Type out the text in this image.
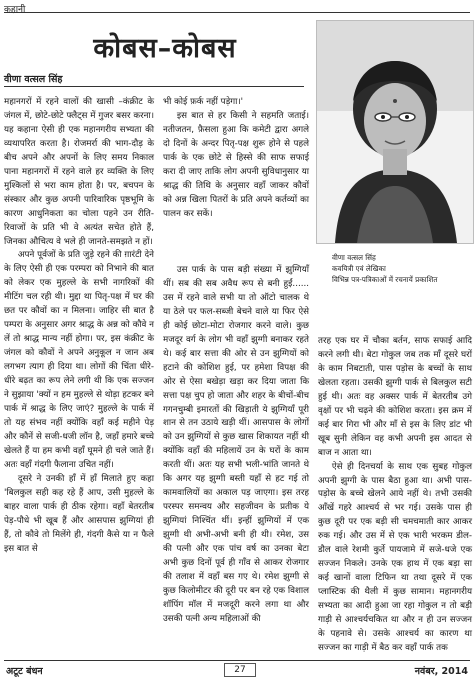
कहानी
कोबस–कोबस
वीणा वत्सल सिंह
वीणा वत्सल सिंह
कवयित्री एवं लेखिका
विभिन्न पत्र-पत्रिकाओं में रचनायें प्रकाशित

महानगरों में रहने वालों की खासी –कंक्रीट के जंगल में, छोटे-छोटे फ्लैट्स में गुजर बसर करना। यह कहाना ऐसी ही एक महानगरीय सभ्यता की व्यथापरित करता है। रोजमर्रा की भाग-दौड़ के बीच अपने और अपनों के लिए समय निकाल पाना महानगरों में रहने वाले हर व्यक्ति के लिए मुश्किलों से भरा काम होता है। पर, बचपन के संस्कार और कुछ अपनी पारिवारिक पृष्ठभूमि के कारण आधुनिकता का चोला पहने उन रीति-रिवाजों के प्रति भी वे अत्यंत सचेत होते हैं, जिनका औचित्य वे भले ही जानते-समझते न हों।

अपने पूर्वजों के प्रति जुड़े रहने की ग़ारंटी देने के लिए ऐसी ही एक परम्परा को निभाने की बात को लेकर एक मुहल्ले के सभी नागरिकों की मीटिंग चल रही थी। मुद्दा था पितृ-पक्ष में घर की छत पर कौवों का न मिलना। जाहिर सी बात है पम्परा के अनुसार अगर श्राद्ध के अन्न को कौवे न लें तो श्राद्ध मान्य नहीं होगा। पर, इस कंक्रीट के जंगल को कौवों ने अपने अनुकूल न जान अब लगभग त्याग ही दिया था। लोगों की चिंता धीरे-धीरे बढ़त का रूप लेने लगी थी कि एक सज्जन ने सुझाया 'क्यों न हम मुहल्ले से थोड़ा हटकर बने पार्क में श्राद्ध के लिए जाएं? मुहल्ले के पार्क में तो यह संभव नहीं क्योंकि वहाँ कई महीने पेड़ और कौनें से सजी-धजी लॉन है, जहाँ हमारे बच्चे खेलते हैं या हम कभी वहाँ घूमने ही चले जाते हैं। अतः वहाँ गंदगी फैलाना उचित नहीं।

दूसरे ने उनकी हाँ में हाँ मिलाते हुए कहा 'बिलकुल सही कह रहे हैं आप, उसी मुहल्ले के बाहर वाला पार्क ही ठीक रहेगा। वहाँ बेतरतीब पेड़-पौधे भी खूब हैं और आसपास झुग्गियां ही हैं, तो कौवे तो मिलेंगे ही, गंदगी कैसे या न फैले इस बात से

भी कोई फ़र्क नहीं पड़ेगा।'

इस बात से हर किसी ने सहमति जताई। नतीजतन, फ़ैसला हुआ कि कमेटी द्वारा अगले दो दिनों के अन्दर पितृ-पक्ष शुरू होने से पहले पार्क के एक छोटे से हिस्से की साफ सफाई करा दी जाए ताकि लोग अपनी सुविधानुसार या श्राद्ध की तिथि के अनुसार वहाँ जाकर कौवों को अन्न खिला पितरों के प्रति अपने कर्तव्यों का पालन कर सकें।

उस पार्क के पास बड़ी संख्या में झुग्गियाँ थीं। सब की सब अवैध रूप से बनी हुईं...... उस में रहने वाले सभी या तो ऑटो चालक थे या ठेले पर फल-सब्जी बेचने वाले या फिर ऐसे ही कोई छोटा-मोटा रोजगार करने वाले। कुछ मजदूर वर्ग के लोग भी वहाँ झुग्गी बनाकर रहते थे। कई बार सत्ता की ओर से उन झुग्गियों को हटाने की कोशिश हुई, पर हमेशा विपक्ष की ओर से ऐसा बखेड़ा खड़ा कर दिया जाता कि सत्ता पक्ष चुप हो जाता और शहर के बीचों-बीच गगनचुम्बी इमारतों की खिड़ाती ये झुग्गियाँ पूरी शान से तन उठाये खड़ी थीं। आसपास के लोगों को उन झुग्गियों से कुछ खास शिकायत नहीं थी क्योंकि वहाँ की महिलायें उन के घरों के काम करती थीं। अतः यह सभी भली-भांति जानते थे कि अगर यह झुग्गी बस्ती यहाँ से हट गई तो कामवालियों का अकाल पड़ जाएगा। इस तरह परस्पर समन्वय और सहजीवन के प्रतीक ये झुग्गियां निश्चिंत थीं। इन्हीं झुग्गियों में एक झुग्गी थी अभी-अभी बनी ही थी। रमेश, उस की पत्नी और एक पांच वर्ष का उनका बेटा अभी कुछ दिनों पूर्व ही गाँव से आकर रोजगार की तलाश में वहाँ बस गए थे। रमेश झुग्गी से कुछ किलोमीटर की दूरी पर बन रहे एक विशाल शॉपिंग मॉल में मजदूरी करने लगा था और उसकी पत्नी अन्य महिलाओं की

तरह एक घर में चौका बर्तन, साफ सफाई आदि करने लगी थी। बेटा गोकुल जब तक माँ दूसरे घरों के काम निबटाती, पास पड़ोस के बच्चों के साथ खेलता रहता। उसकी झुग्गी पार्क से बिलकुल सटी हुई थी। अतः वह अक्सर पार्क में बेतरतीब उगे वृक्षों पर भी चढ़ने की कोशिश करता। इस क्रम में कई बार गिरा भी और माँ से इस के लिए डांट भी खूब सुनी लेकिन वह कभी अपनी इस आदत से बाज न आता था।

ऐसे ही दिनचर्या के साथ एक सुबह गोकुल अपनी झुग्गी के पास बैठा हुआ था। अभी पास-पड़ोस के बच्चे खेलने आये नहीं थे। तभी उसकी आँखें गहरे आश्चर्य से भर गई। उसके पास ही कुछ दूरी पर एक बड़ी सी चमचमाती कार आकर रुक गई। और उस में से एक भारी भरकम डील-डौल वाले रेशमी कुर्ते पायजामे में सजे-धजे एक सज्जन निकले। उनके एक हाथ में एक बड़ा सा कई खानों वाला टिफिन था तथा दूसरे में एक प्लास्टिक की थैली में कुछ सामान। महानगरीय सभ्यता का आदी हुआ जा रहा गोकुल न तो बड़ी गाड़ी से आश्चर्यचकित था और न ही उन सज्जन के पहनावे से। उसके आश्चर्य का कारण था सज्जन का गाड़ी में बैठ कर वहाँ पार्क तक

अटूट बंधन	27	नवंबर, 2014
